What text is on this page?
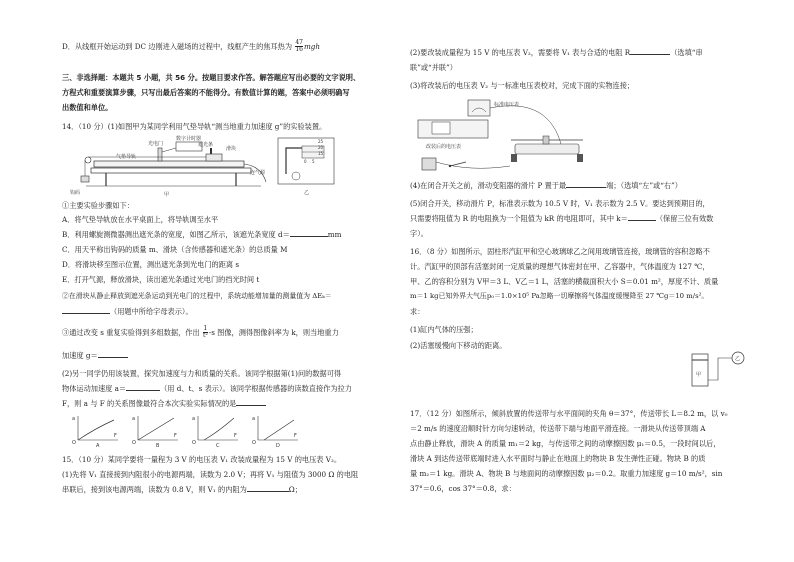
D．从线框开始运动到 DC 边刚进入磁场的过程中，线框产生的焦耳热为 $\frac{47}{16}$ mgh
三、非选择题：本题共 5 小题，共 56 分。按题目要求作答。解答题应写出必要的文字说明、
方程式和重要演算步骤，只写出最后答案的不能得分。有数值计算的题，答案中必须明确写
出数值和单位。
14．（10 分）(1)如图甲为某同学利用气垫导轨“测当地重力加速度 g”的实验装置。
气垫导轨
光电门
数字计时器
遮光条
滑块
钩码
连气源
甲
25
20
15
0 5
乙
①主要实验步骤如下：
A．将气垫导轨放在水平桌面上，将导轨调至水平
B．利用螺旋测微器测出遮光条的宽度，如图乙所示，该遮光条宽度 d＝	mm
C．用天平称出钩码的质量 m、滑块（含传感器和遮光条）的总质量 M
D．将滑块移至图示位置，测出遮光条到光电门的距离 s
E．打开气源，释放滑块，读出遮光条通过光电门的挡光时间 t
②在滑块从静止释放到遮光条运动到光电门的过程中，系统动能增加量的测量值为 ΔEₖ＝
（用题中所给字母表示）。
③通过改变 s 重复实验得到多组数据，作出 $\frac{1}{\text{t²}} -s$ 图像，测得图像斜率为 k，则当地重力
加速度 g＝
(2)另一同学仍用该装置，探究加速度与力和质量的关系。该同学根据第(1)问的数据可得
物体运动加速度 a＝	（用 d、t、s 表示）。该同学根据传感器的读数直接作为拉力
F，则 a 与 F 的关系图像最符合本次实验实际情况的是
a
F
O	A
a
F
O	B
a
F
O	C
a
F
O	D
15．（10 分）某同学要将一量程为 3 V 的电压表 V₁ 改装成量程为 15 V 的电压表 V₂。
(1)先将 V₁ 直接接到内阻很小的电源两端，读数为 2.0 V；再将 V₁ 与阻值为 3000 Ω 的电阻
串联后，接到该电源两端，读数为 0.8 V，则 V₁ 的内阻为	Ω；
(2)要改装成量程为 15 V 的电压表 V₂，需要将 V₁ 表与合适的电阻 R	（选填“串
联”或“并联”）
(3)将改装后的电压表 V₂ 与一标准电压表校对，完成下面的实物连接；
标准电压表
改装后的电压表
(4)在闭合开关之前，滑动变阻器的滑片 P 置于最	端；（选填“左”或“右”）
(5)闭合开关，移动滑片 P，标准表示数为 10.5 V 时，V₁ 表示数为 2.5 V。要达到预期目的，
只需要将阻值为 R 的电阻换为一个阻值为 kR 的电阻即可，其中 k＝	（保留三位有效数
字）。
16．（8 分）如图所示，固柱形汽缸甲和空心玻璃球乙之间用玻璃管连接，玻璃管的容积忽略不
计。汽缸甲的顶部有活塞封闭一定质量的理想气体密封在甲、乙容器中，气体温度为 127 ℃，
甲、乙的容积分别为 V甲＝3 L、V乙＝1 L，活塞的横截面积大小 S＝0.01 m²，厚度不计、质量
m＝1 kg已知外界大气压p₀＝1.0×10⁵ Pa忽略一切摩擦将气体温度缓慢降至 27 ℃g＝10 m/s²。
求：
(1)缸内气体的压强；
(2)活塞缓慢向下移动的距离。
甲
乙
17．（12 分）如图所示，倾斜放置的传送带与水平面间的夹角 θ＝37°，传送带长 L＝8.2 m，以 v₀
＝2 m/s 的速度沿顺时针方向匀速转动，传送带下端与地面平滑连接。一滑块从传送带顶端 A
点由静止释放，滑块 A 的质量 m₁＝2 kg，与传送带之间的动摩擦因数 μ₁＝0.5，一段时间以后，
滑块 A 到达传送带底端时进入水平面时与静止在地面上的物块 B 发生弹性正碰。物块 B 的质
量 m₂＝1 kg。滑块 A、物块 B 与地面间的动摩擦因数 μ₂＝0.2。取重力加速度 g＝10 m/s²，sin
37°＝0.6，cos 37°＝0.8，求：
